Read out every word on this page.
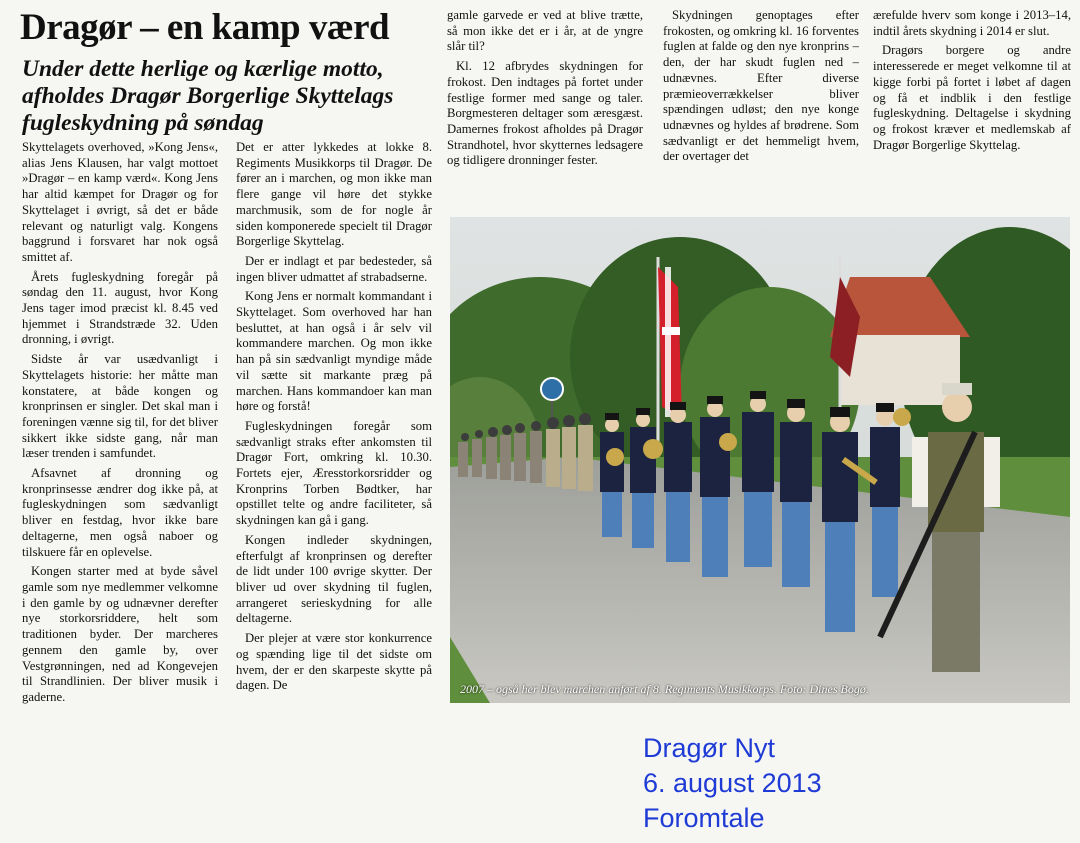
Dragør – en kamp værd
Under dette herlige og kærlige motto, afholdes Dragør Borgerlige Skyttelags fugleskydning på søndag

Skyttelagets overhoved, »Kong Jens«, alias Jens Klausen, har valgt mottoet »Dragør – en kamp værd«. Kong Jens har altid kæmpet for Dragør og for Skyttelaget i øvrigt, så det er både relevant og naturligt valg. Kongens baggrund i forsvaret har nok også smittet af.

Årets fugleskydning foregår på søndag den 11. august, hvor Kong Jens tager imod præcist kl. 8.45 ved hjemmet i Strandstræde 32. Uden dronning, i øvrigt.

Sidste år var usædvanligt i Skyttelagets historie: her måtte man konstatere, at både kongen og kronprinsen er singler. Det skal man i foreningen vænne sig til, for det bliver sikkert ikke sidste gang, når man læser trenden i samfundet.

Afsavnet af dronning og kronprinsesse ændrer dog ikke på, at fugleskydningen som sædvanligt bliver en festdag, hvor ikke bare deltagerne, men også naboer og tilskuere får en oplevelse.

Kongen starter med at byde såvel gamle som nye medlemmer velkomne i den gamle by og udnævner derefter nye storkorsriddere, helt som traditionen byder. Der marcheres gennem den gamle by, over Vestgrønningen, ned ad Kongevejen til Strandlinien. Der bliver musik i gaderne.

Det er atter lykkedes at lokke 8. Regiments Musikkorps til Dragør. De fører an i marchen, og mon ikke man flere gange vil høre det stykke marchmusik, som de for nogle år siden komponerede specielt til Dragør Borgerlige Skyttelag.

Der er indlagt et par bedesteder, så ingen bliver udmattet af strabadserne.

Kong Jens er normalt kommandant i Skyttelaget. Som overhoved har han besluttet, at han også i år selv vil kommandere marchen. Og mon ikke han på sin sædvanligt myndige måde vil sætte sit markante præg på marchen. Hans kommandoer kan man høre og forstå!

Fugleskydningen foregår som sædvanligt straks efter ankomsten til Dragør Fort, omkring kl. 10.30. Fortets ejer, Æresstorkorsridder og Kronprins Torben Bødtker, har opstillet telte og andre faciliteter, så skydningen kan gå i gang.

Kongen indleder skydningen, efterfulgt af kronprinsen og derefter de lidt under 100 øvrige skytter. Der bliver ud over skydning til fuglen, arrangeret serieskydning for alle deltagerne.

Der plejer at være stor konkurrence og spænding lige til det sidste om hvem, der er den skarpeste skytte på dagen. De

gamle garvede er ved at blive trætte, så mon ikke det er i år, at de yngre slår til?

Kl. 12 afbrydes skydningen for frokost. Den indtages på fortet under festlige former med sange og taler. Borgmesteren deltager som æresgæst. Damernes frokost afholdes på Dragør Strandhotel, hvor skytternes ledsagere og tidligere dronninger fester.

Skydningen genoptages efter frokosten, og omkring kl. 16 forventes fuglen at falde og den nye kronprins – den, der har skudt fuglen ned – udnævnes. Efter diverse præmieoverrækkelser bliver spændingen udløst; den nye konge udnævnes og hyldes af brødrene. Som sædvanligt er det hemmeligt hvem, der overtager det

ærefulde hverv som konge i 2013–14, indtil årets skydning i 2014 er slut.

Dragørs borgere og andre interesserede er meget velkomne til at kigge forbi på fortet i løbet af dagen og få et indblik i den festlige fugleskydning. Deltagelse i skydning og frokost kræver et medlemskab af Dragør Borgerlige Skyttelag.

2007 – også her blev marchen anført af 8. Regiments Musikkorps. Foto: Dines Bogø.
Dragør Nyt
6. august 2013
Foromtale
